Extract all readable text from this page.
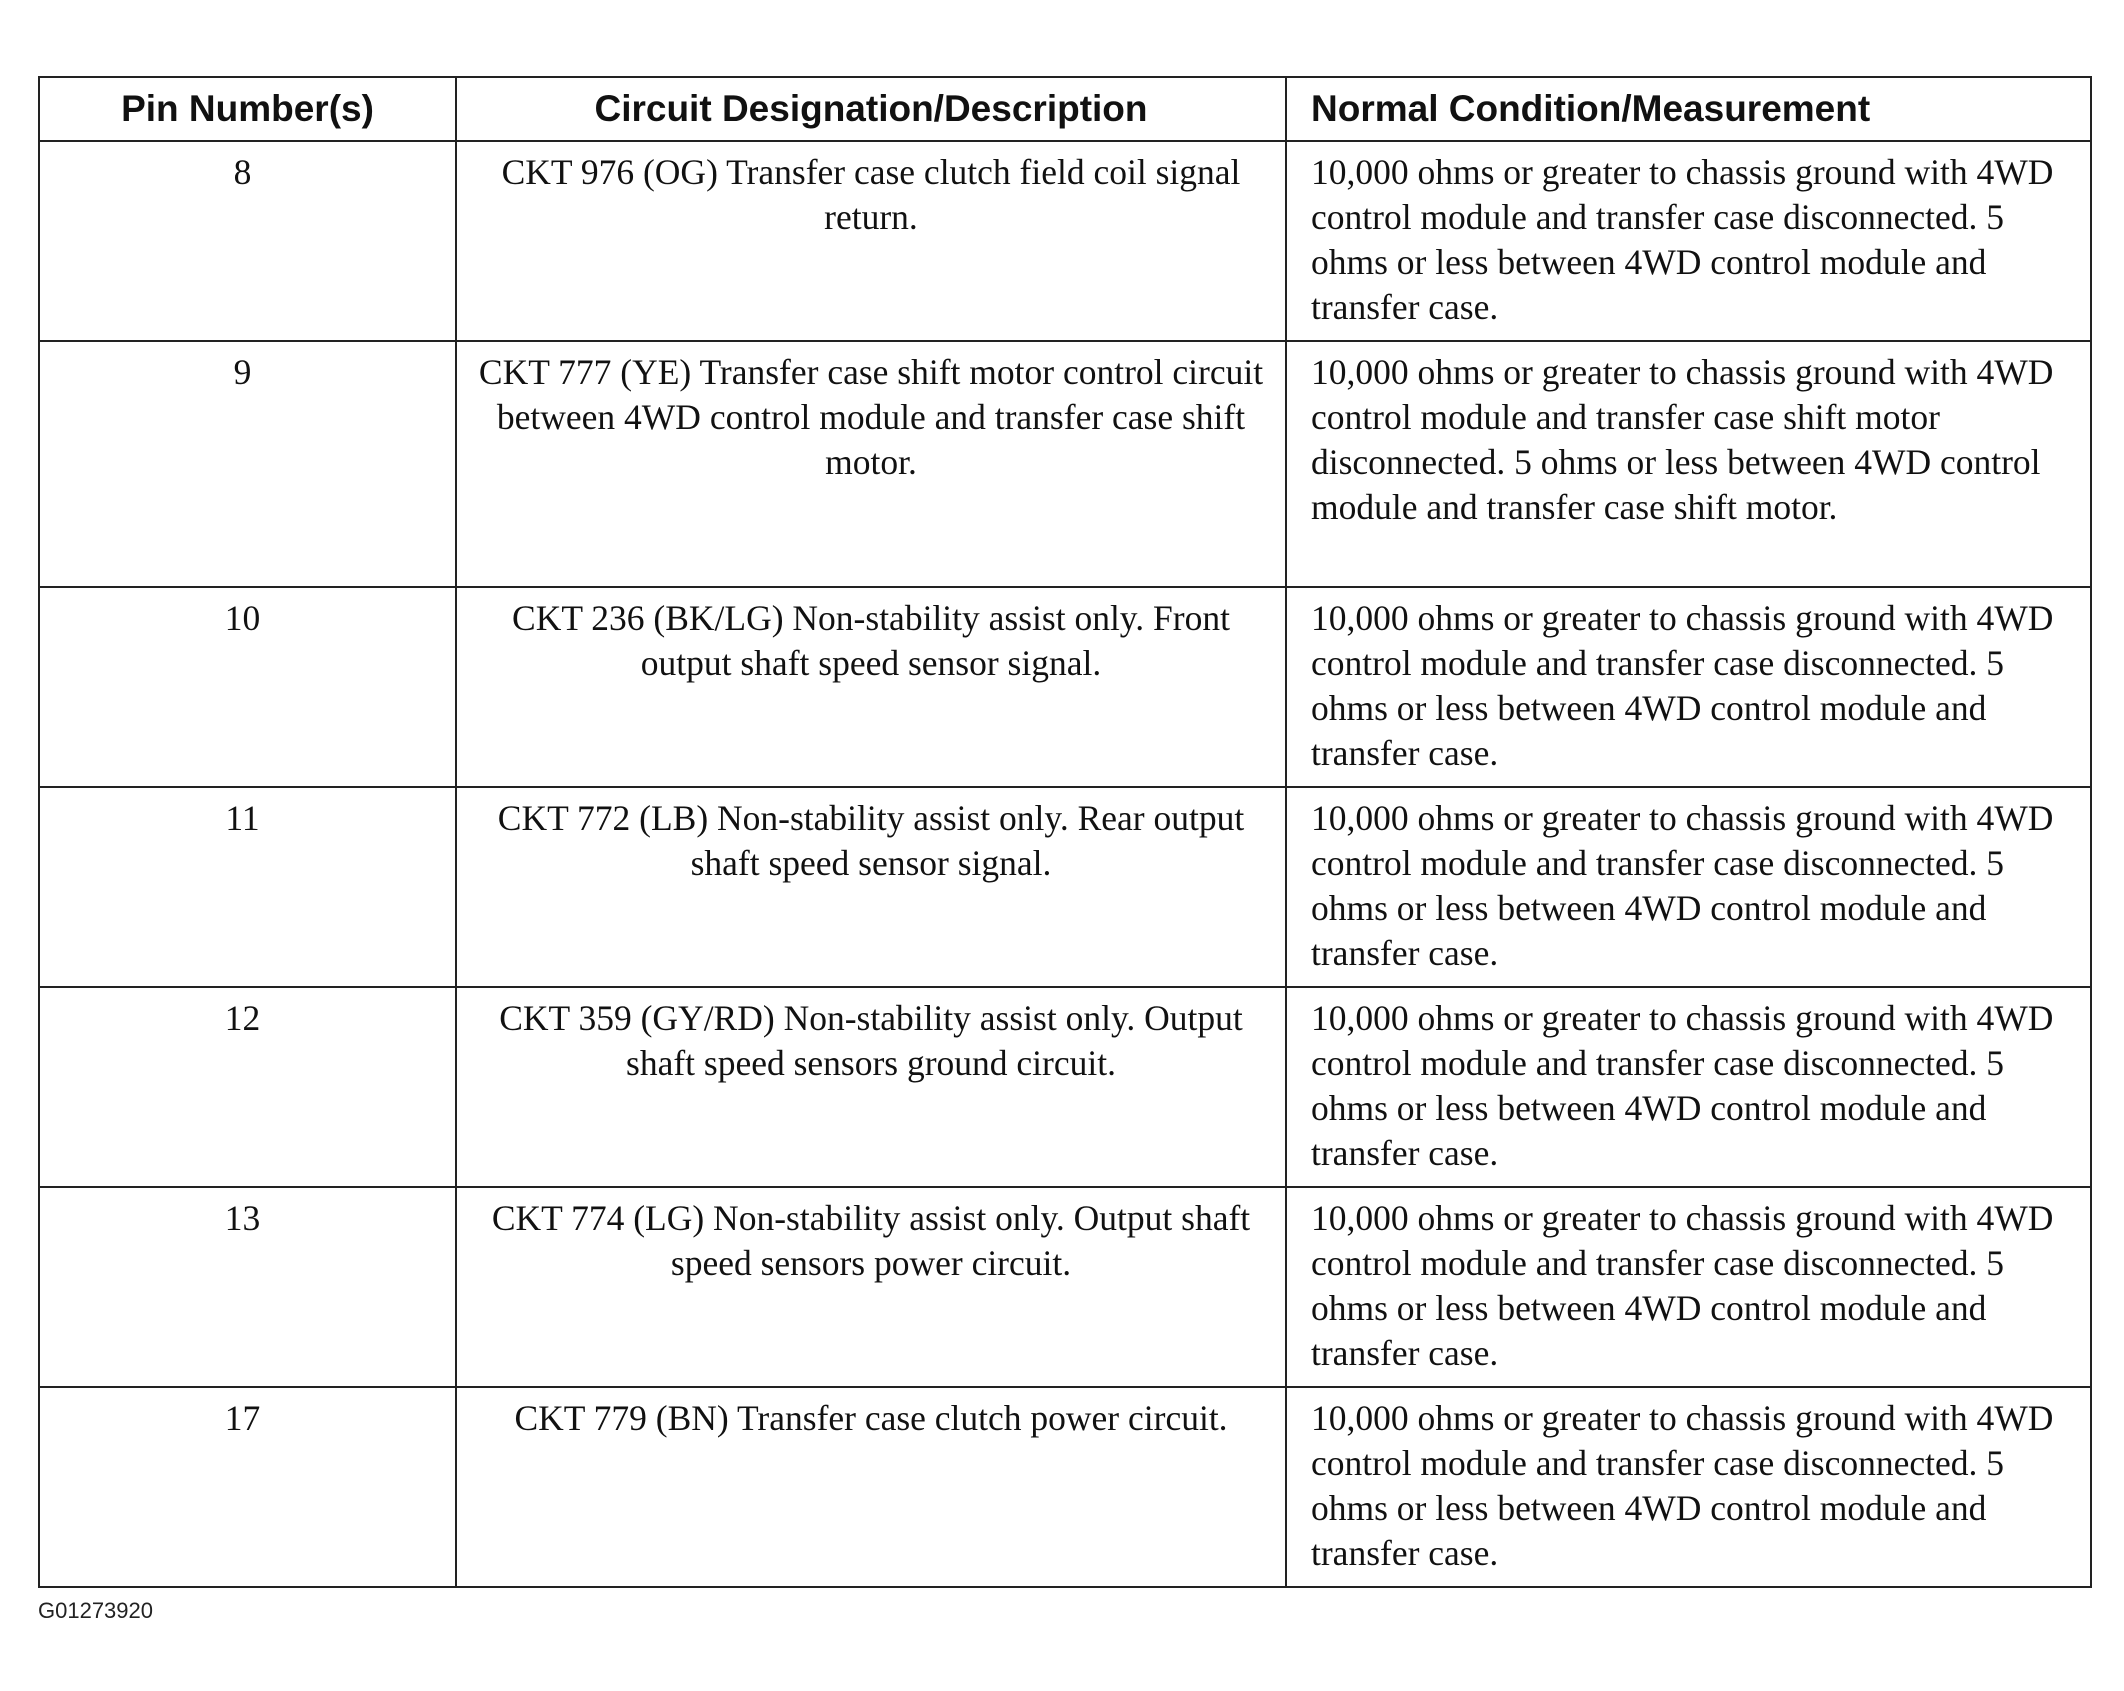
Pin Number(s)	Circuit Designation/Description	Normal Condition/Measurement
8	CKT 976 (OG) Transfer case clutch field coil signal return.	10,000 ohms or greater to chassis ground with 4WD control module and transfer case disconnected. 5 ohms or less between 4WD control module and transfer case.
9	CKT 777 (YE) Transfer case shift motor control circuit between 4WD control module and transfer case shift motor.	10,000 ohms or greater to chassis ground with 4WD control module and transfer case shift motor disconnected. 5 ohms or less between 4WD control module and transfer case shift motor.
10	CKT 236 (BK/LG) Non-stability assist only. Front output shaft speed sensor signal.	10,000 ohms or greater to chassis ground with 4WD control module and transfer case disconnected. 5 ohms or less between 4WD control module and transfer case.
11	CKT 772 (LB) Non-stability assist only. Rear output shaft speed sensor signal.	10,000 ohms or greater to chassis ground with 4WD control module and transfer case disconnected. 5 ohms or less between 4WD control module and transfer case.
12	CKT 359 (GY/RD) Non-stability assist only. Output shaft speed sensors ground circuit.	10,000 ohms or greater to chassis ground with 4WD control module and transfer case disconnected. 5 ohms or less between 4WD control module and transfer case.
13	CKT 774 (LG) Non-stability assist only. Output shaft speed sensors power circuit.	10,000 ohms or greater to chassis ground with 4WD control module and transfer case disconnected. 5 ohms or less between 4WD control module and transfer case.
17	CKT 779 (BN) Transfer case clutch power circuit.	10,000 ohms or greater to chassis ground with 4WD control module and transfer case disconnected. 5 ohms or less between 4WD control module and transfer case.
G01273920
